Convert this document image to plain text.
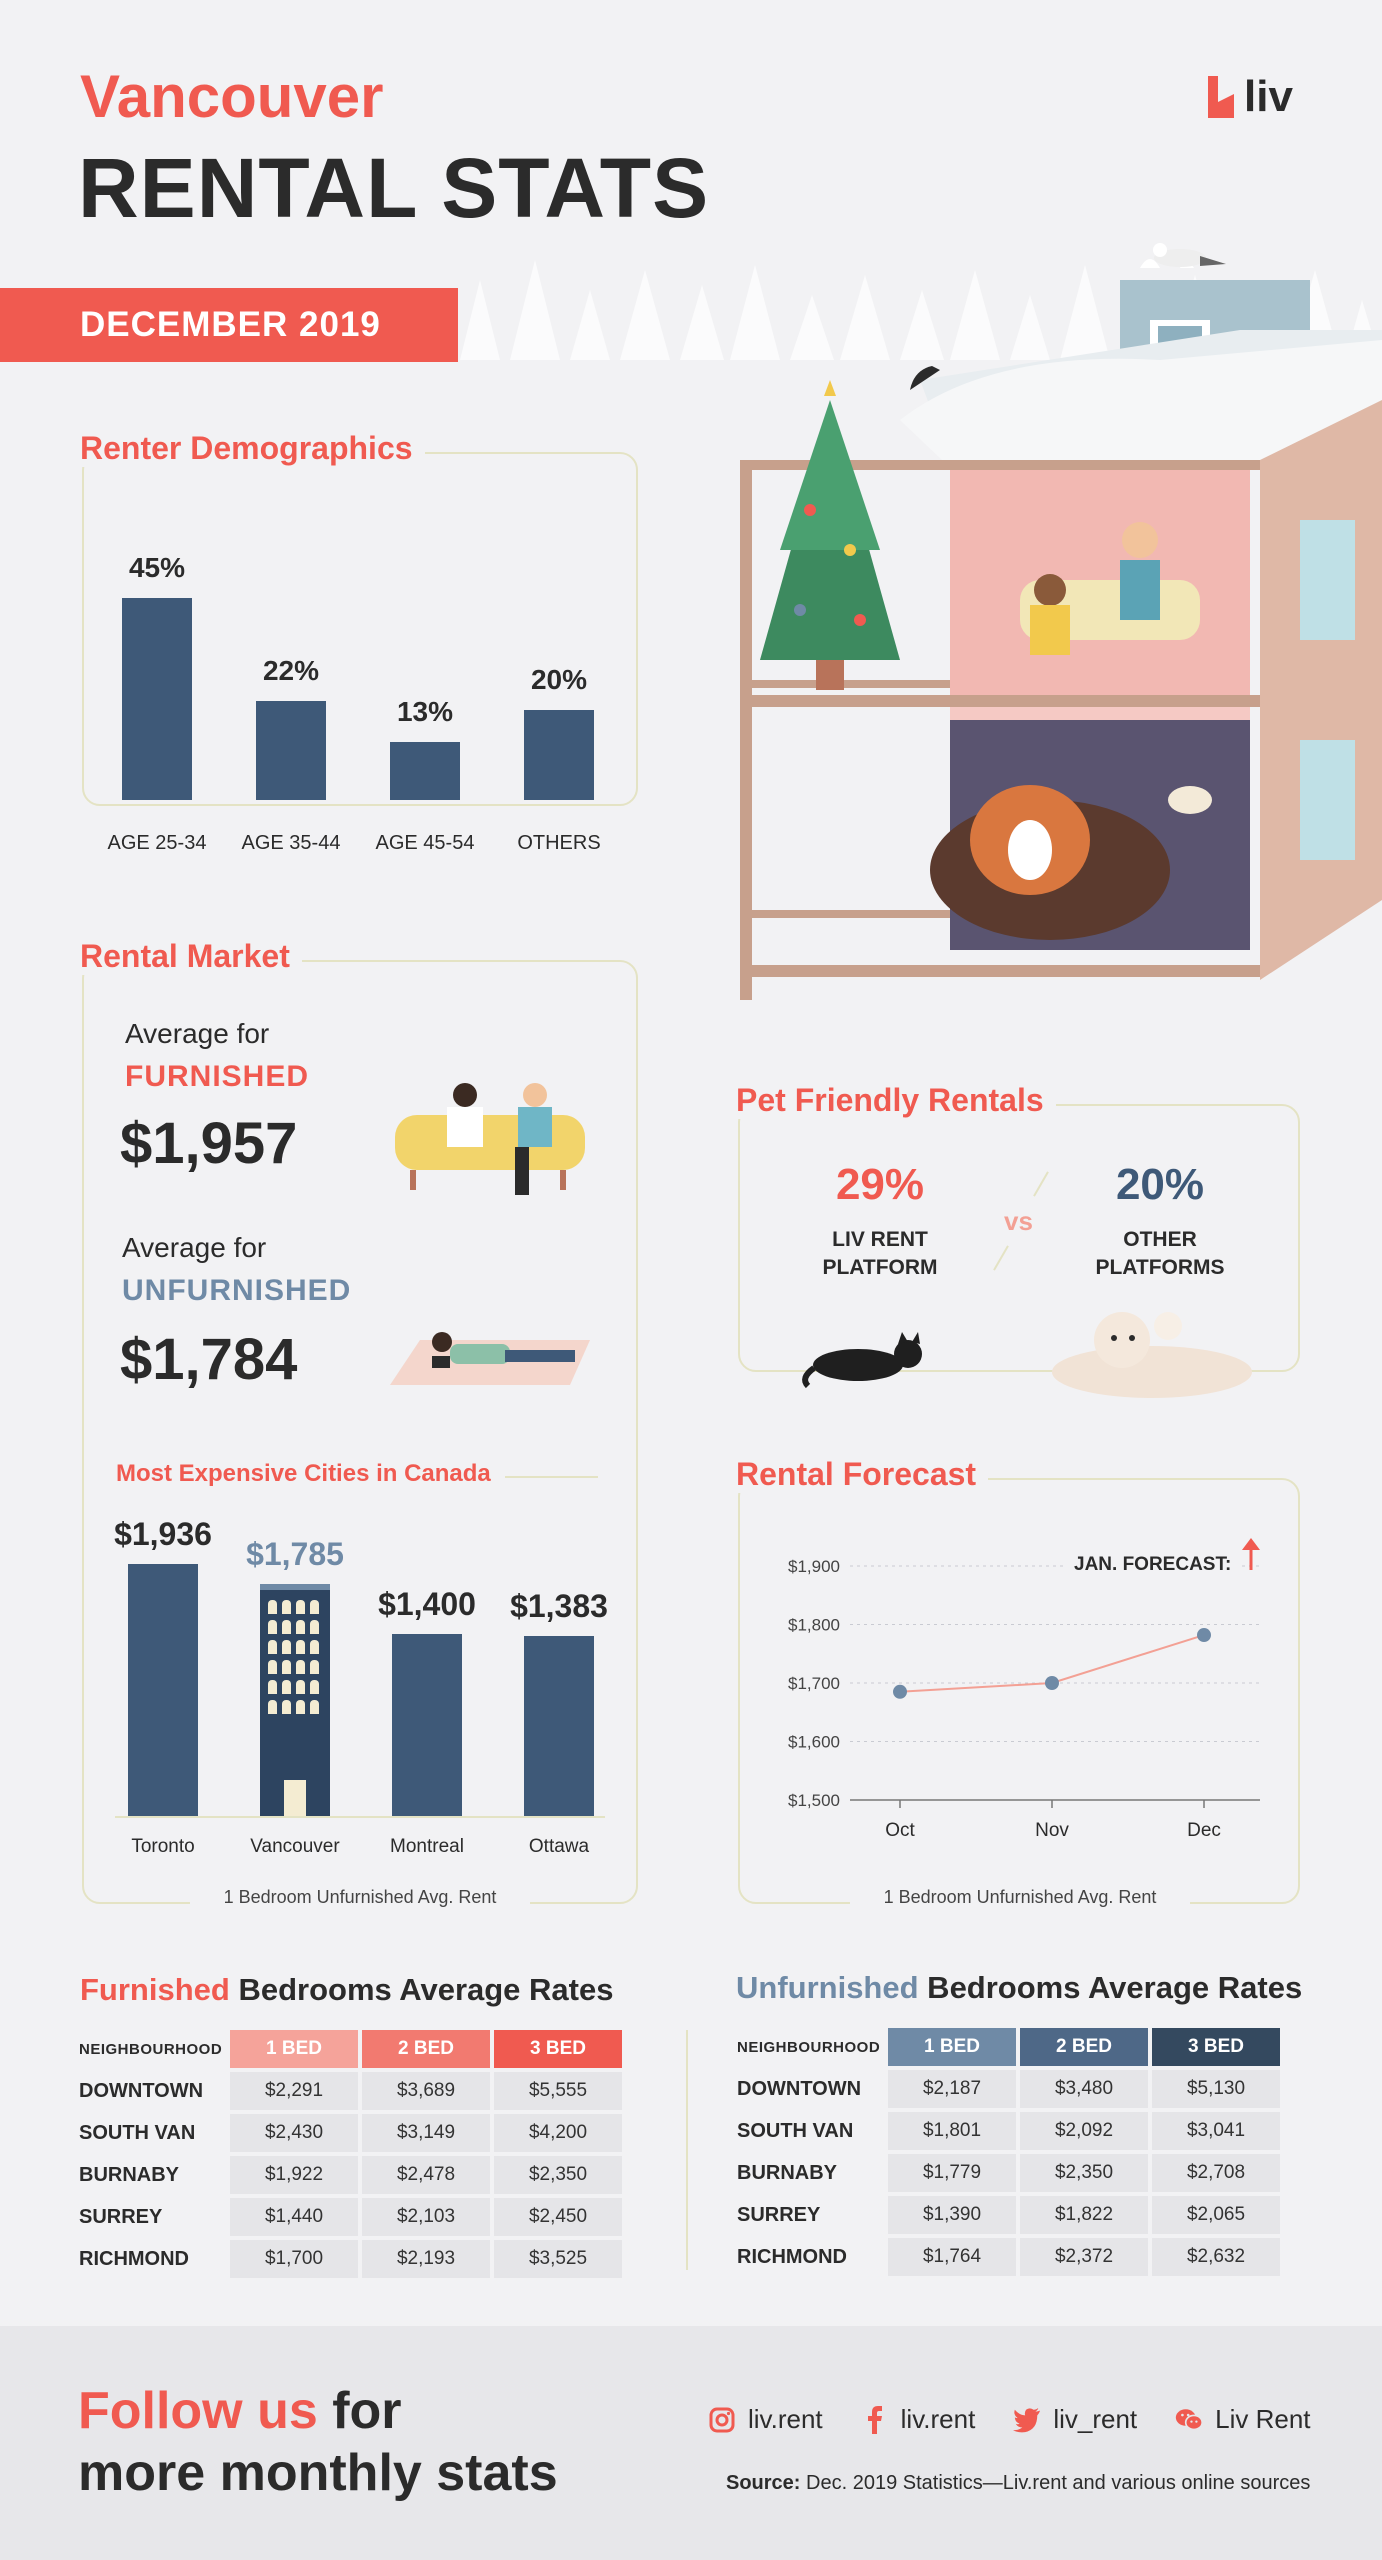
Vancouver
RENTAL STATS
liv
DECEMBER 2019
Renter Demographics
45%
AGE 25-34
22%
AGE 35-44
13%
AGE 45-54
20%
OTHERS
Rental Market
Average for
FURNISHED
$1,957
Average for
UNFURNISHED
$1,784
Most Expensive Cities in Canada
$1,936
Toronto
$1,785
Vancouver
$1,400
Montreal
$1,383
Ottawa
1 Bedroom Unfurnished Avg. Rent
Pet Friendly Rentals
29%
LIV RENT
PLATFORM
vs
20%
OTHER
PLATFORMS
Rental Forecast
JAN. FORECAST:
$1,500
$1,600
$1,700
$1,800
$1,900
Oct	Nov	Dec
1 Bedroom Unfurnished Avg. Rent
Furnished Bedrooms Average Rates
NEIGHBOURHOOD	1 BED	2 BED	3 BED
DOWNTOWN	$2,291	$3,689	$5,555
SOUTH VAN	$2,430	$3,149	$4,200
BURNABY	$1,922	$2,478	$2,350
SURREY	$1,440	$2,103	$2,450
RICHMOND	$1,700	$2,193	$3,525
Unfurnished Bedrooms Average Rates
NEIGHBOURHOOD	1 BED	2 BED	3 BED
DOWNTOWN	$2,187	$3,480	$5,130
SOUTH VAN	$1,801	$2,092	$3,041
BURNABY	$1,779	$2,350	$2,708
SURREY	$1,390	$1,822	$2,065
RICHMOND	$1,764	$2,372	$2,632
Follow us for
more monthly stats
liv.rent	liv.rent	liv_rent	Liv Rent
Source: Dec. 2019 Statistics—Liv.rent and various online sources
